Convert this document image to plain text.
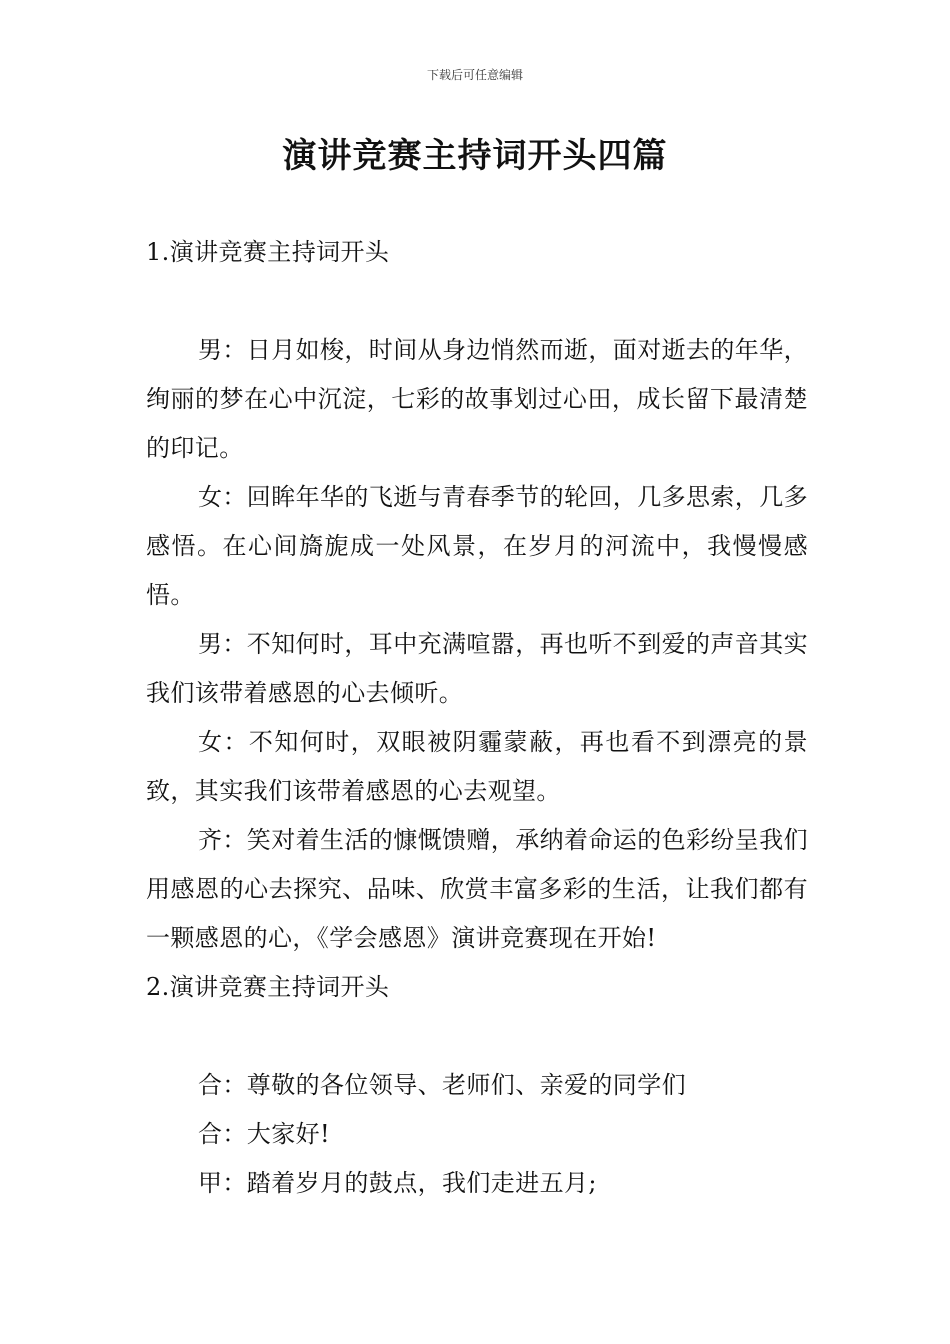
下载后可任意编辑
演讲竞赛主持词开头四篇
1.演讲竞赛主持词开头

男：日月如梭，时间从身边悄然而逝，面对逝去的年华，绚丽的梦在心中沉淀，七彩的故事划过心田，成长留下最清楚的印记。

女：回眸年华的飞逝与青春季节的轮回，几多思索，几多感悟。在心间旖旎成一处风景，在岁月的河流中，我慢慢感悟。

男：不知何时，耳中充满喧嚣，再也听不到爱的声音其实我们该带着感恩的心去倾听。

女：不知何时，双眼被阴霾蒙蔽，再也看不到漂亮的景致，其实我们该带着感恩的心去观望。

齐：笑对着生活的慷慨馈赠，承纳着命运的色彩纷呈我们用感恩的心去探究、品味、欣赏丰富多彩的生活，让我们都有一颗感恩的心，《学会感恩》演讲竞赛现在开始!

2.演讲竞赛主持词开头

合：尊敬的各位领导、老师们、亲爱的同学们

合：大家好!

甲：踏着岁月的鼓点，我们走进五月;
